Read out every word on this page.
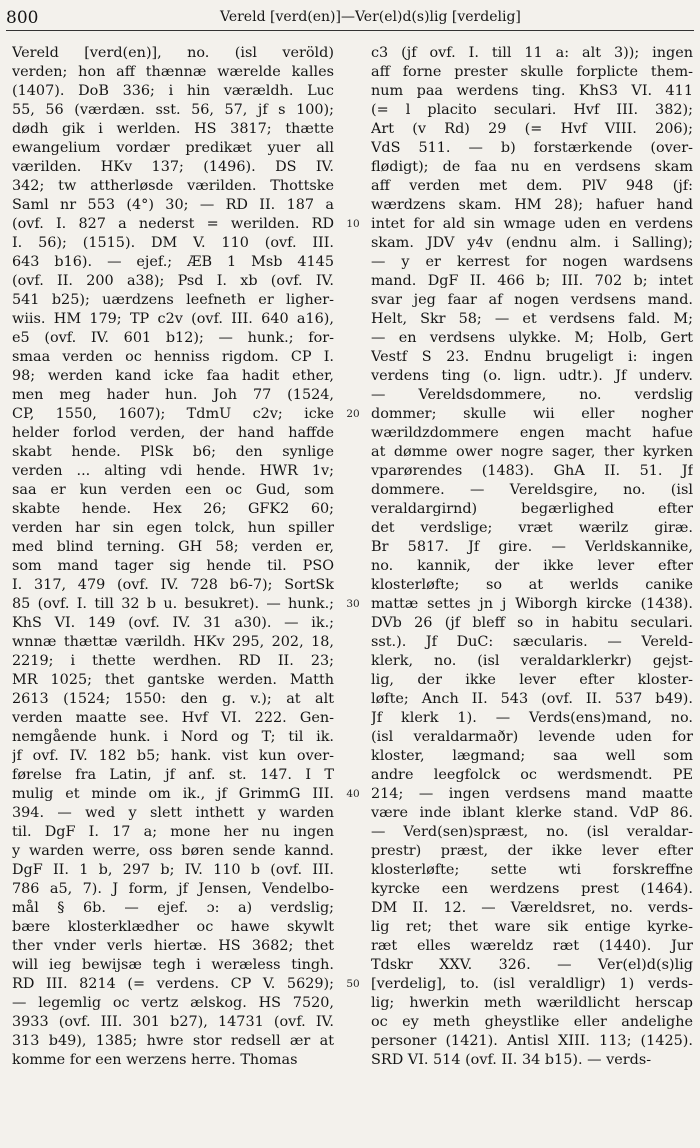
800	Vereld [verd(en)]—Ver(el)d(s)lig [verdelig]
Vereld [verd(en)], no. (isl veröld)
verden; hon aff thænnæ wærelde kalles
(1407). DoB 336; i hin værældh. Luc
55, 56 (værdæn. sst. 56, 57, jf s 100);
dødh gik i werlden. HS 3817; thætte
ewangelium vordær predikæt yuer all
værilden. HKv 137; (1496). DS IV.
342; tw attherløsde værilden. Thottske
Saml nr 553 (4°) 30; — RD II. 187 a
(ovf. I. 827 a nederst = werilden. RD
I. 56); (1515). DM V. 110 (ovf. III.
643 b16). — ejef.; ÆB 1 Msb 4145
(ovf. II. 200 a38); Psd I. xb (ovf. IV.
541 b25); uærdzens leefneth er ligher-
wiis. HM 179; TP c2v (ovf. III. 640 a16),
e5 (ovf. IV. 601 b12); — hunk.; for-
smaa verden oc henniss rigdom. CP I.
98; werden kand icke faa hadit ether,
men meg hader hun. Joh 77 (1524,
CP, 1550, 1607); TdmU c2v; icke
helder forlod verden, der hand haffde
skabt hende. PlSk b6; den synlige
verden ... alting vdi hende. HWR 1v;
saa er kun verden een oc Gud, som
skabte hende. Hex 26; GFK2 60;
verden har sin egen tolck, hun spiller
med blind terning. GH 58; verden er,
som mand tager sig hende til. PSO
I. 317, 479 (ovf. IV. 728 b6-7); SortSk
85 (ovf. I. till 32 b u. besukret). — hunk.;
KhS VI. 149 (ovf. IV. 31 a30). — ik.;
wnnæ thættæ værildh. HKv 295, 202, 18,
2219; i thette werdhen. RD II. 23;
MR 1025; thet gantske werden. Matth
2613 (1524; 1550: den g. v.); at alt
verden maatte see. Hvf VI. 222. Gen-
nemgående hunk. i Nord og T; til ik.
jf ovf. IV. 182 b5; hank. vist kun over-
førelse fra Latin, jf anf. st. 147. I T
mulig et minde om ik., jf GrimmG III.
394. — wed y slett inthett y warden
til. DgF I. 17 a; mone her nu ingen
y warden werre, oss børen sende kannd.
DgF II. 1 b, 297 b; IV. 110 b (ovf. III.
786 a5, 7). J form, jf Jensen, Vendelbo-
mål § 6b. — ejef. ɔ: a) verdslig;
bære klosterklædher oc hawe skywlt
ther vnder verls hiertæ. HS 3682; thet
will ieg bewijsæ tegh i weræless tingh.
RD III. 8214 (= verdens. CP V. 5629);
— legemlig oc vertz ælskog. HS 7520,
3933 (ovf. III. 301 b27), 14731 (ovf. IV.
313 b49), 1385; hwre stor redsell ær at
komme for een werzens herre. Thomas
10
20
30
40
50
c3 (jf ovf. I. till 11 a: alt 3)); ingen
aff forne prester skulle forplicte them-
num paa werdens ting. KhS3 VI. 411
(= l placito seculari. Hvf III. 382);
Art (v Rd) 29 (= Hvf VIII. 206);
VdS 511. — b) forstærkende (over-
flødigt); de faa nu en verdsens skam
aff verden met dem. PlV 948 (jf:
wærdzens skam. HM 28); hafuer hand
intet for ald sin wmage uden en verdens
skam. JDV y4v (endnu alm. i Salling);
— y er kerrest for nogen wardsens
mand. DgF II. 466 b; III. 702 b; intet
svar jeg faar af nogen verdsens mand.
Helt, Skr 58; — et verdsens fald. M;
— en verdsens ulykke. M; Holb, Gert
Vestf S 23. Endnu brugeligt i: ingen
verdens ting (o. lign. udtr.). Jf underv.
— Vereldsdommere, no. verdslig
dommer; skulle wii eller nogher
wærildzdommere engen macht hafue
at dømme ower nogre sager, ther kyrken
vparørendes (1483). GhA II. 51. Jf
dommere. — Vereldsgire, no. (isl
veraldargirnd) begærlighed efter
det verdslige; vræt wærilz giræ.
Br 5817. Jf gire. — Verldskannike,
no. kannik, der ikke lever efter
klosterløfte; so at werlds canike
mattæ settes jn j Wiborgh kircke (1438).
DVb 26 (jf bleff so in habitu seculari.
sst.). Jf DuC: sæcularis. — Vereld-
klerk, no. (isl veraldarklerkr) gejst-
lig, der ikke lever efter kloster-
løfte; Anch II. 543 (ovf. II. 537 b49).
Jf klerk 1). — Verds(ens)mand, no.
(isl veraldarmaðr) levende uden for
kloster, lægmand; saa well som
andre leegfolck oc werdsmendt. PE
214; — ingen verdsens mand maatte
være inde iblant klerke stand. VdP 86.
— Verd(sen)spræst, no. (isl veraldar-
prestr) præst, der ikke lever efter
klosterløfte; sette wti forskreffne
kyrcke een werdzens prest (1464).
DM II. 12. — Væreldsret, no. verds-
lig ret; thet ware sik entige kyrke-
ræt elles wæreldz ræt (1440). Jur
Tdskr XXV. 326. — Ver(el)d(s)lig
[verdelig], to. (isl veraldligr) 1) verds-
lig; hwerkin meth wærildlicht herscap
oc ey meth gheystlike eller andelighe
personer (1421). Antisl XIII. 113; (1425).
SRD VI. 514 (ovf. II. 34 b15). — verds-
